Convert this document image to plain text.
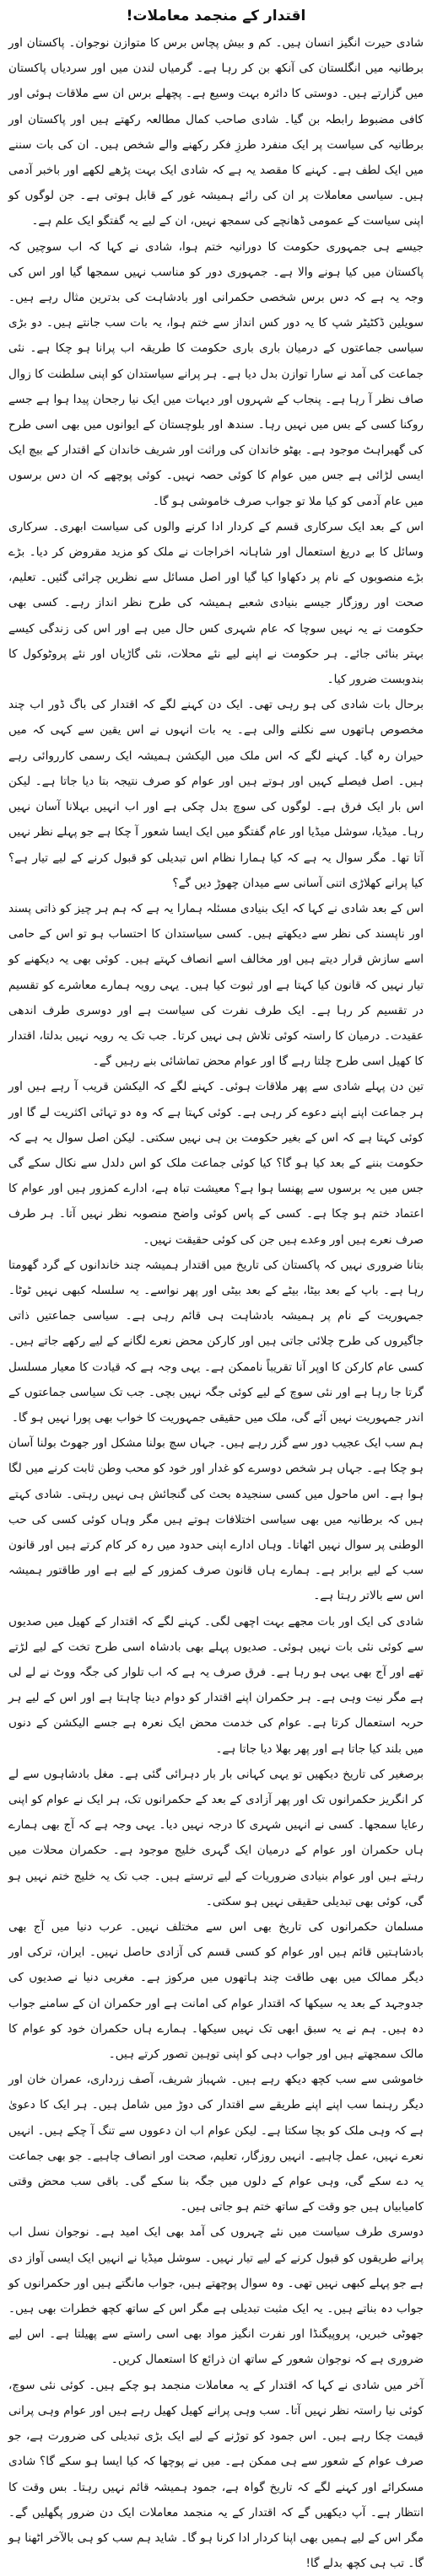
اقتدار کے منجمد معاملات!

شادی حیرت انگیز انسان ہیں۔ کم و بیش پچاس برس کا متوازن نوجوان۔ پاکستان اور برطانیہ میں انگلستان کی آنکھ بن کر رہا ہے۔ گرمیاں لندن میں اور سردیاں پاکستان میں گزارتے ہیں۔ دوستی کا دائرہ بہت وسیع ہے۔ پچھلے برس ان سے ملاقات ہوئی اور کافی مضبوط رابطہ بن گیا۔ شادی صاحب کمال مطالعہ رکھتے ہیں اور پاکستان اور برطانیہ کی سیاست پر ایک منفرد طرزِ فکر رکھنے والے شخص ہیں۔ ان کی بات سننے میں ایک لطف ہے۔ کہنے کا مقصد یہ ہے کہ شادی ایک بہت پڑھے لکھے اور باخبر آدمی ہیں۔ سیاسی معاملات پر ان کی رائے ہمیشہ غور کے قابل ہوتی ہے۔ جن لوگوں کو اپنی سیاست کے عمومی ڈھانچے کی سمجھ نہیں، ان کے لیے یہ گفتگو ایک علم ہے۔

جیسے ہی جمہوری حکومت کا دورانیہ ختم ہوا، شادی نے کہا کہ اب سوچیں کہ پاکستان میں کیا ہونے والا ہے۔ جمہوری دور کو مناسب نہیں سمجھا گیا اور اس کی وجہ یہ ہے کہ دس برس شخصی حکمرانی اور بادشاہت کی بدترین مثال رہے ہیں۔ سویلین ڈکٹیٹر شپ کا یہ دور کس انداز سے ختم ہوا، یہ بات سب جانتے ہیں۔ دو بڑی سیاسی جماعتوں کے درمیان باری باری حکومت کا طریقہ اب پرانا ہو چکا ہے۔ نئی جماعت کی آمد نے سارا توازن بدل دیا ہے۔ ہر پرانے سیاستدان کو اپنی سلطنت کا زوال صاف نظر آ رہا ہے۔ پنجاب کے شہروں اور دیہات میں ایک نیا رجحان پیدا ہوا ہے جسے روکنا کسی کے بس میں نہیں رہا۔ سندھ اور بلوچستان کے ایوانوں میں بھی اسی طرح کی گھبراہٹ موجود ہے۔ بھٹو خاندان کی وراثت اور شریف خاندان کے اقتدار کے بیچ ایک ایسی لڑائی ہے جس میں عوام کا کوئی حصہ نہیں۔ کوئی پوچھے کہ ان دس برسوں میں عام آدمی کو کیا ملا تو جواب صرف خاموشی ہو گا۔

اس کے بعد ایک سرکاری قسم کے کردار ادا کرنے والوں کی سیاست ابھری۔ سرکاری وسائل کا بے دریغ استعمال اور شاہانہ اخراجات نے ملک کو مزید مقروض کر دیا۔ بڑے بڑے منصوبوں کے نام پر دکھاوا کیا گیا اور اصل مسائل سے نظریں چرائی گئیں۔ تعلیم، صحت اور روزگار جیسے بنیادی شعبے ہمیشہ کی طرح نظر انداز رہے۔ کسی بھی حکومت نے یہ نہیں سوچا کہ عام شہری کس حال میں ہے اور اس کی زندگی کیسے بہتر بنائی جائے۔ ہر حکومت نے اپنے لیے نئے محلات، نئی گاڑیاں اور نئے پروٹوکول کا بندوبست ضرور کیا۔

برحال بات شادی کی ہو رہی تھی۔ ایک دن کہنے لگے کہ اقتدار کی باگ ڈور اب چند مخصوص ہاتھوں سے نکلنے والی ہے۔ یہ بات انہوں نے اس یقین سے کہی کہ میں حیران رہ گیا۔ کہنے لگے کہ اس ملک میں الیکشن ہمیشہ ایک رسمی کارروائی رہے ہیں۔ اصل فیصلے کہیں اور ہوتے ہیں اور عوام کو صرف نتیجہ بتا دیا جاتا ہے۔ لیکن اس بار ایک فرق ہے۔ لوگوں کی سوچ بدل چکی ہے اور اب انہیں بہلانا آسان نہیں رہا۔ میڈیا، سوشل میڈیا اور عام گفتگو میں ایک ایسا شعور آ چکا ہے جو پہلے نظر نہیں آتا تھا۔ مگر سوال یہ ہے کہ کیا ہمارا نظام اس تبدیلی کو قبول کرنے کے لیے تیار ہے؟ کیا پرانے کھلاڑی اتنی آسانی سے میدان چھوڑ دیں گے؟

اس کے بعد شادی نے کہا کہ ایک بنیادی مسئلہ ہمارا یہ ہے کہ ہم ہر چیز کو ذاتی پسند اور ناپسند کی نظر سے دیکھتے ہیں۔ کسی سیاستدان کا احتساب ہو تو اس کے حامی اسے سازش قرار دیتے ہیں اور مخالف اسے انصاف کہتے ہیں۔ کوئی بھی یہ دیکھنے کو تیار نہیں کہ قانون کیا کہتا ہے اور ثبوت کیا ہیں۔ یہی رویہ ہمارے معاشرے کو تقسیم در تقسیم کر رہا ہے۔ ایک طرف نفرت کی سیاست ہے اور دوسری طرف اندھی عقیدت۔ درمیان کا راستہ کوئی تلاش ہی نہیں کرتا۔ جب تک یہ رویہ نہیں بدلتا، اقتدار کا کھیل اسی طرح چلتا رہے گا اور عوام محض تماشائی بنے رہیں گے۔

تین دن پہلے شادی سے پھر ملاقات ہوئی۔ کہنے لگے کہ الیکشن قریب آ رہے ہیں اور ہر جماعت اپنے اپنے دعوے کر رہی ہے۔ کوئی کہتا ہے کہ وہ دو تہائی اکثریت لے گا اور کوئی کہتا ہے کہ اس کے بغیر حکومت بن ہی نہیں سکتی۔ لیکن اصل سوال یہ ہے کہ حکومت بننے کے بعد کیا ہو گا؟ کیا کوئی جماعت ملک کو اس دلدل سے نکال سکے گی جس میں یہ برسوں سے پھنسا ہوا ہے؟ معیشت تباہ ہے، ادارے کمزور ہیں اور عوام کا اعتماد ختم ہو چکا ہے۔ کسی کے پاس کوئی واضح منصوبہ نظر نہیں آتا۔ ہر طرف صرف نعرے ہیں اور وعدے ہیں جن کی کوئی حقیقت نہیں۔

بتانا ضروری نہیں کہ پاکستان کی تاریخ میں اقتدار ہمیشہ چند خاندانوں کے گرد گھومتا رہا ہے۔ باپ کے بعد بیٹا، بیٹے کے بعد بیٹی اور پھر نواسے۔ یہ سلسلہ کبھی نہیں ٹوٹا۔ جمہوریت کے نام پر ہمیشہ بادشاہت ہی قائم رہی ہے۔ سیاسی جماعتیں ذاتی جاگیروں کی طرح چلائی جاتی ہیں اور کارکن محض نعرے لگانے کے لیے رکھے جاتے ہیں۔ کسی عام کارکن کا اوپر آنا تقریباً ناممکن ہے۔ یہی وجہ ہے کہ قیادت کا معیار مسلسل گرتا جا رہا ہے اور نئی سوچ کے لیے کوئی جگہ نہیں بچی۔ جب تک سیاسی جماعتوں کے اندر جمہوریت نہیں آئے گی، ملک میں حقیقی جمہوریت کا خواب بھی پورا نہیں ہو گا۔

ہم سب ایک عجیب دور سے گزر رہے ہیں۔ جہاں سچ بولنا مشکل اور جھوٹ بولنا آسان ہو چکا ہے۔ جہاں ہر شخص دوسرے کو غدار اور خود کو محب وطن ثابت کرنے میں لگا ہوا ہے۔ اس ماحول میں کسی سنجیدہ بحث کی گنجائش ہی نہیں رہتی۔ شادی کہتے ہیں کہ برطانیہ میں بھی سیاسی اختلافات ہوتے ہیں مگر وہاں کوئی کسی کی حب الوطنی پر سوال نہیں اٹھاتا۔ وہاں ادارے اپنی حدود میں رہ کر کام کرتے ہیں اور قانون سب کے لیے برابر ہے۔ ہمارے ہاں قانون صرف کمزور کے لیے ہے اور طاقتور ہمیشہ اس سے بالاتر رہتا ہے۔

شادی کی ایک اور بات مجھے بہت اچھی لگی۔ کہنے لگے کہ اقتدار کے کھیل میں صدیوں سے کوئی نئی بات نہیں ہوئی۔ صدیوں پہلے بھی بادشاہ اسی طرح تخت کے لیے لڑتے تھے اور آج بھی یہی ہو رہا ہے۔ فرق صرف یہ ہے کہ اب تلوار کی جگہ ووٹ نے لے لی ہے مگر نیت وہی ہے۔ ہر حکمران اپنے اقتدار کو دوام دینا چاہتا ہے اور اس کے لیے ہر حربہ استعمال کرتا ہے۔ عوام کی خدمت محض ایک نعرہ ہے جسے الیکشن کے دنوں میں بلند کیا جاتا ہے اور پھر بھلا دیا جاتا ہے۔

برصغیر کی تاریخ دیکھیں تو یہی کہانی بار بار دہرائی گئی ہے۔ مغل بادشاہوں سے لے کر انگریز حکمرانوں تک اور پھر آزادی کے بعد کے حکمرانوں تک، ہر ایک نے عوام کو اپنی رعایا سمجھا۔ کسی نے انہیں شہری کا درجہ نہیں دیا۔ یہی وجہ ہے کہ آج بھی ہمارے ہاں حکمران اور عوام کے درمیان ایک گہری خلیج موجود ہے۔ حکمران محلات میں رہتے ہیں اور عوام بنیادی ضروریات کے لیے ترستے ہیں۔ جب تک یہ خلیج ختم نہیں ہو گی، کوئی بھی تبدیلی حقیقی نہیں ہو سکتی۔

مسلمان حکمرانوں کی تاریخ بھی اس سے مختلف نہیں۔ عرب دنیا میں آج بھی بادشاہتیں قائم ہیں اور عوام کو کسی قسم کی آزادی حاصل نہیں۔ ایران، ترکی اور دیگر ممالک میں بھی طاقت چند ہاتھوں میں مرکوز ہے۔ مغربی دنیا نے صدیوں کی جدوجہد کے بعد یہ سیکھا کہ اقتدار عوام کی امانت ہے اور حکمران ان کے سامنے جواب دہ ہیں۔ ہم نے یہ سبق ابھی تک نہیں سیکھا۔ ہمارے ہاں حکمران خود کو عوام کا مالک سمجھتے ہیں اور جواب دہی کو اپنی توہین تصور کرتے ہیں۔

خاموشی سے سب کچھ دیکھ رہے ہیں۔ شہباز شریف، آصف زرداری، عمران خان اور دیگر رہنما سب اپنے اپنے طریقے سے اقتدار کی دوڑ میں شامل ہیں۔ ہر ایک کا دعویٰ ہے کہ وہی ملک کو بچا سکتا ہے۔ لیکن عوام اب ان دعووں سے تنگ آ چکے ہیں۔ انہیں نعرے نہیں، عمل چاہیے۔ انہیں روزگار، تعلیم، صحت اور انصاف چاہیے۔ جو بھی جماعت یہ دے سکے گی، وہی عوام کے دلوں میں جگہ بنا سکے گی۔ باقی سب محض وقتی کامیابیاں ہیں جو وقت کے ساتھ ختم ہو جاتی ہیں۔

دوسری طرف سیاست میں نئے چہروں کی آمد بھی ایک امید ہے۔ نوجوان نسل اب پرانے طریقوں کو قبول کرنے کے لیے تیار نہیں۔ سوشل میڈیا نے انہیں ایک ایسی آواز دی ہے جو پہلے کبھی نہیں تھی۔ وہ سوال پوچھتے ہیں، جواب مانگتے ہیں اور حکمرانوں کو جواب دہ بناتے ہیں۔ یہ ایک مثبت تبدیلی ہے مگر اس کے ساتھ کچھ خطرات بھی ہیں۔ جھوٹی خبریں، پروپیگنڈا اور نفرت انگیز مواد بھی اسی راستے سے پھیلتا ہے۔ اس لیے ضروری ہے کہ نوجوان شعور کے ساتھ ان ذرائع کا استعمال کریں۔

آخر میں شادی نے کہا کہ اقتدار کے یہ معاملات منجمد ہو چکے ہیں۔ کوئی نئی سوچ، کوئی نیا راستہ نظر نہیں آتا۔ سب وہی پرانے کھیل کھیل رہے ہیں اور عوام وہی پرانی قیمت چکا رہے ہیں۔ اس جمود کو توڑنے کے لیے ایک بڑی تبدیلی کی ضرورت ہے، جو صرف عوام کے شعور سے ہی ممکن ہے۔ میں نے پوچھا کہ کیا ایسا ہو سکے گا؟ شادی مسکرائے اور کہنے لگے کہ تاریخ گواہ ہے، جمود ہمیشہ قائم نہیں رہتا۔ بس وقت کا انتظار ہے۔ آپ دیکھیں گے کہ اقتدار کے یہ منجمد معاملات ایک دن ضرور پگھلیں گے۔ مگر اس کے لیے ہمیں بھی اپنا کردار ادا کرنا ہو گا۔ شاید ہم سب کو ہی بالآخر اٹھنا ہو گا۔ تب ہی کچھ بدلے گا!
